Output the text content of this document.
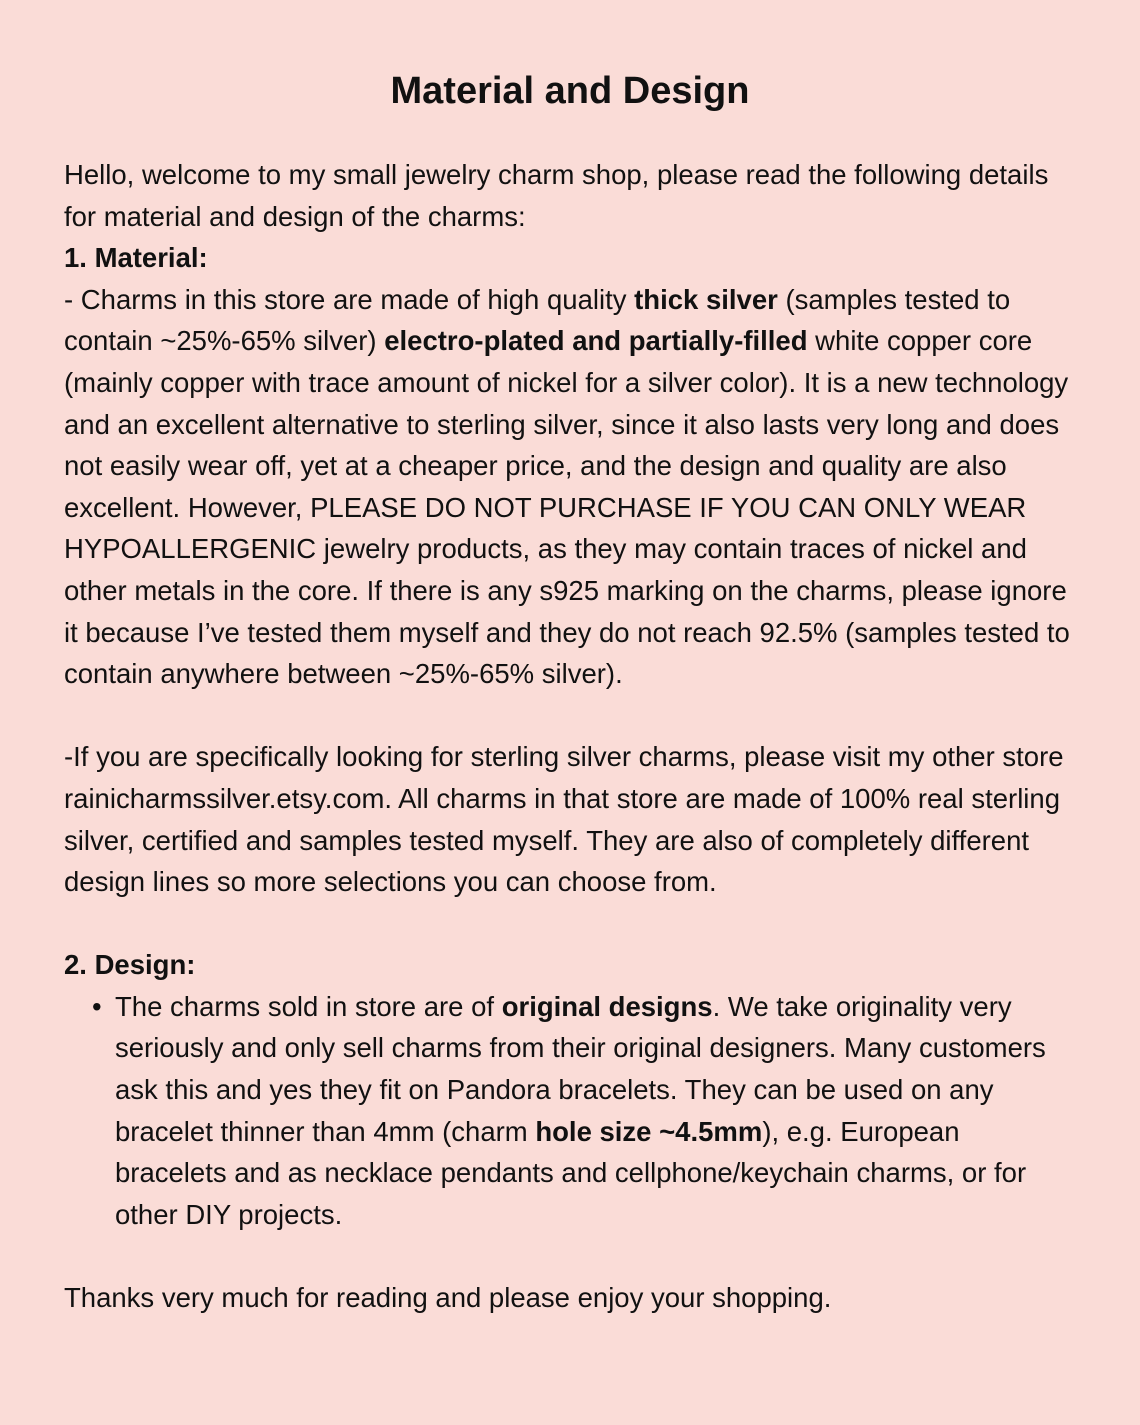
Material and Design

Hello, welcome to my small jewelry charm shop, please read the following details for material and design of the charms:

1. Material:

- Charms in this store are made of high quality thick silver (samples tested to contain ~25%-65% silver) electro-plated and partially-filled white copper core (mainly copper with trace amount of nickel for a silver color). It is a new technology and an excellent alternative to sterling silver, since it also lasts very long and does not easily wear off, yet at a cheaper price, and the design and quality are also excellent. However, PLEASE DO NOT PURCHASE IF YOU CAN ONLY WEAR HYPOALLERGENIC jewelry products, as they may contain traces of nickel and other metals in the core. If there is any s925 marking on the charms, please ignore it because I’ve tested them myself and they do not reach 92.5% (samples tested to contain anywhere between ~25%-65% silver).

-If you are specifically looking for sterling silver charms, please visit my other store rainicharmssilver.etsy.com. All charms in that store are made of 100% real sterling silver, certified and samples tested myself. They are also of completely different design lines so more selections you can choose from.

2. Design:

• The charms sold in store are of original designs. We take originality very seriously and only sell charms from their original designers. Many customers ask this and yes they fit on Pandora bracelets. They can be used on any bracelet thinner than 4mm (charm hole size ~4.5mm), e.g. European bracelets and as necklace pendants and cellphone/keychain charms, or for other DIY projects.

Thanks very much for reading and please enjoy your shopping.
